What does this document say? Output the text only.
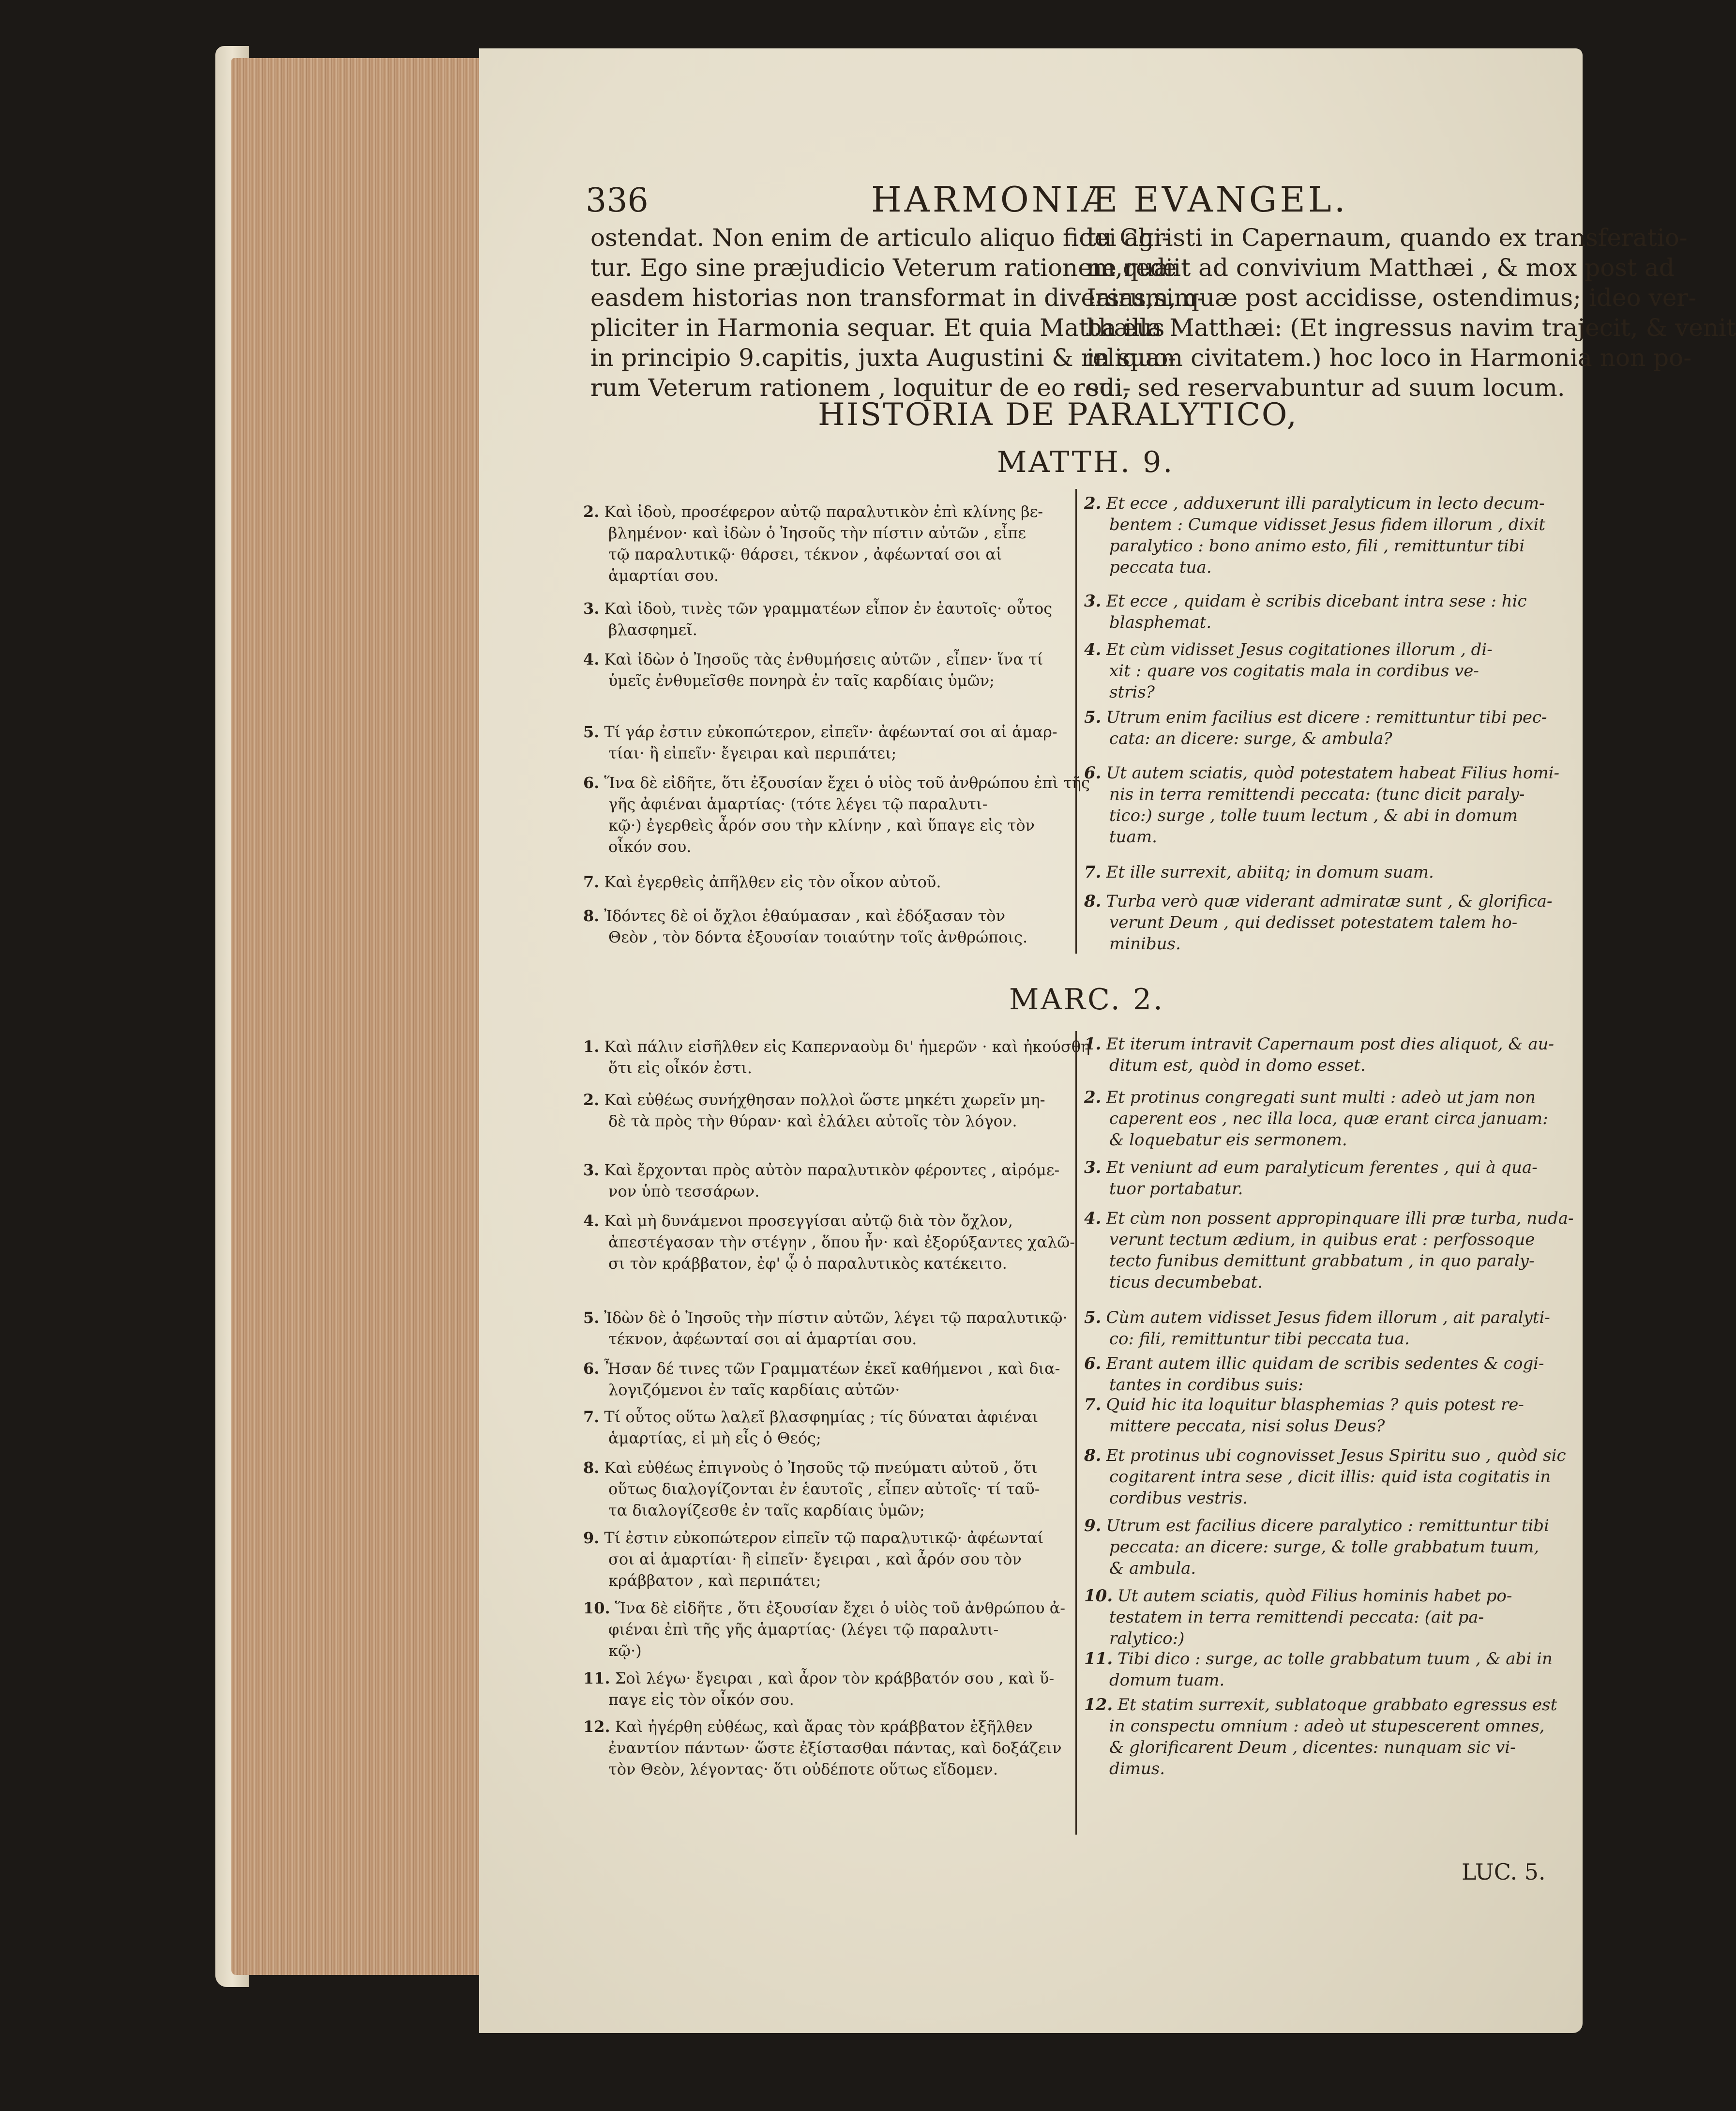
336	HARMONIÆ EVANGEL.
ostendat. Non enim de articulo aliquo fidei agi-
tur. Ego sine præjudicio Veterum rationem,quæ
easdem historias non transformat in diversas,sim-
pliciter in Harmonia sequar. Et quia Matthæus
in principio 9.capitis, juxta Augustini & reliquo-
rum Veterum rationem , loquitur de eo redi-
tu Christi in Capernaum, quando ex transferatio-
ne rediit ad convivium Matthæi , & mox post ad
Iairum, quæ post accidisse, ostendimus; ideo ver-
ba illa Matthæi: (Et ingressus navim trajecit, & venit
in suam civitatem.) hoc loco in Harmonia non po-
sui, sed reservabuntur ad suum locum.
HISTORIA DE PARALYTICO,
MATTH. 9.
2. Καὶ ἰδοὺ, προσέφερον αὐτῷ παραλυτικὸν ἐπὶ κλίνης βε-
βλημένον· καὶ ἰδὼν ὁ Ἰησοῦς τὴν πίστιν αὐτῶν , εἶπε
τῷ παραλυτικῷ· θάρσει, τέκνον , ἀφέωνταί σοι αἱ
ἁμαρτίαι σου.
3. Καὶ ἰδοὺ, τινὲς τῶν γραμματέων εἶπον ἐν ἑαυτοῖς· οὗτος
βλασφημεῖ.
4. Καὶ ἰδὼν ὁ Ἰησοῦς τὰς ἐνθυμήσεις αὐτῶν , εἶπεν· ἵνα τί
ὑμεῖς ἐνθυμεῖσθε πονηρὰ ἐν ταῖς καρδίαις ὑμῶν;
5. Τί γάρ ἐστιν εὐκοπώτερον, εἰπεῖν· ἀφέωνταί σοι αἱ ἁμαρ-
τίαι· ἢ εἰπεῖν· ἔγειραι καὶ περιπάτει;
6. Ἵνα δὲ εἰδῆτε, ὅτι ἐξουσίαν ἔχει ὁ υἱὸς τοῦ ἀνθρώπου ἐπὶ τῆς
γῆς ἀφιέναι ἁμαρτίας· (τότε λέγει τῷ παραλυτι-
κῷ·) ἐγερθεὶς ἆρόν σου τὴν κλίνην , καὶ ὕπαγε εἰς τὸν
οἶκόν σου.
7. Καὶ ἐγερθεὶς ἀπῆλθεν εἰς τὸν οἶκον αὐτοῦ.
8. Ἰδόντες δὲ οἱ ὄχλοι ἐθαύμασαν , καὶ ἐδόξασαν τὸν
Θεὸν , τὸν δόντα ἐξουσίαν τοιαύτην τοῖς ἀνθρώποις.
2. Et ecce , adduxerunt illi paralyticum in lecto decum-
bentem : Cumque vidisset Jesus fidem illorum , dixit
paralytico : bono animo esto, fili , remittuntur tibi
peccata tua.
3. Et ecce , quidam è scribis dicebant intra sese : hic
blasphemat.
4. Et cùm vidisset Jesus cogitationes illorum , di-
xit : quare vos cogitatis mala in cordibus ve-
stris?
5. Utrum enim facilius est dicere : remittuntur tibi pec-
cata: an dicere: surge, & ambula?
6. Ut autem sciatis, quòd potestatem habeat Filius homi-
nis in terra remittendi peccata: (tunc dicit paraly-
tico:) surge , tolle tuum lectum , & abi in domum
tuam.
7. Et ille surrexit, abiitq; in domum suam.
8. Turba verò quæ viderant admiratæ sunt , & glorifica-
verunt Deum , qui dedisset potestatem talem ho-
minibus.
MARC. 2.
1. Καὶ πάλιν εἰσῆλθεν εἰς Καπερναοὺμ δι' ἡμερῶν · καὶ ἠκούσθη
ὅτι εἰς οἶκόν ἐστι.
2. Καὶ εὐθέως συνήχθησαν πολλοὶ ὥστε μηκέτι χωρεῖν μη-
δὲ τὰ πρὸς τὴν θύραν· καὶ ἐλάλει αὐτοῖς τὸν λόγον.
3. Καὶ ἔρχονται πρὸς αὐτὸν παραλυτικὸν φέροντες , αἰρόμε-
νον ὑπὸ τεσσάρων.
4. Καὶ μὴ δυνάμενοι προσεγγίσαι αὐτῷ διὰ τὸν ὄχλον,
ἀπεστέγασαν τὴν στέγην , ὅπου ἦν· καὶ ἐξορύξαντες χαλῶ-
σι τὸν κράββατον, ἐφ' ᾧ ὁ παραλυτικὸς κατέκειτο.
5. Ἰδὼν δὲ ὁ Ἰησοῦς τὴν πίστιν αὐτῶν, λέγει τῷ παραλυτικῷ·
τέκνον, ἀφέωνταί σοι αἱ ἁμαρτίαι σου.
6. Ἦσαν δέ τινες τῶν Γραμματέων ἐκεῖ καθήμενοι , καὶ δια-
λογιζόμενοι ἐν ταῖς καρδίαις αὐτῶν·
7. Τί οὗτος οὕτω λαλεῖ βλασφημίας ; τίς δύναται ἀφιέναι
ἁμαρτίας, εἰ μὴ εἷς ὁ Θεός;
8. Καὶ εὐθέως ἐπιγνοὺς ὁ Ἰησοῦς τῷ πνεύματι αὐτοῦ , ὅτι
οὕτως διαλογίζονται ἐν ἑαυτοῖς , εἶπεν αὐτοῖς· τί ταῦ-
τα διαλογίζεσθε ἐν ταῖς καρδίαις ὑμῶν;
9. Τί ἐστιν εὐκοπώτερον εἰπεῖν τῷ παραλυτικῷ· ἀφέωνταί
σοι αἱ ἁμαρτίαι· ἢ εἰπεῖν· ἔγειραι , καὶ ἆρόν σου τὸν
κράββατον , καὶ περιπάτει;
10. Ἵνα δὲ εἰδῆτε , ὅτι ἐξουσίαν ἔχει ὁ υἱὸς τοῦ ἀνθρώπου ἀ-
φιέναι ἐπὶ τῆς γῆς ἁμαρτίας· (λέγει τῷ παραλυτι-
κῷ·)
11. Σοὶ λέγω· ἔγειραι , καὶ ἆρον τὸν κράββατόν σου , καὶ ὕ-
παγε εἰς τὸν οἶκόν σου.
12. Καὶ ἠγέρθη εὐθέως, καὶ ἄρας τὸν κράββατον ἐξῆλθεν
ἐναντίον πάντων· ὥστε ἐξίστασθαι πάντας, καὶ δοξάζειν
τὸν Θεὸν, λέγοντας· ὅτι οὐδέποτε οὕτως εἴδομεν.
1. Et iterum intravit Capernaum post dies aliquot, & au-
ditum est, quòd in domo esset.
2. Et protinus congregati sunt multi : adeò ut jam non
caperent eos , nec illa loca, quæ erant circa januam:
& loquebatur eis sermonem.
3. Et veniunt ad eum paralyticum ferentes , qui à qua-
tuor portabatur.
4. Et cùm non possent appropinquare illi præ turba, nuda-
verunt tectum ædium, in quibus erat : perfossoque
tecto funibus demittunt grabbatum , in quo paraly-
ticus decumbebat.
5. Cùm autem vidisset Jesus fidem illorum , ait paralyti-
co: fili, remittuntur tibi peccata tua.
6. Erant autem illic quidam de scribis sedentes & cogi-
tantes in cordibus suis:
7. Quid hic ita loquitur blasphemias ? quis potest re-
mittere peccata, nisi solus Deus?
8. Et protinus ubi cognovisset Jesus Spiritu suo , quòd sic
cogitarent intra sese , dicit illis: quid ista cogitatis in
cordibus vestris.
9. Utrum est facilius dicere paralytico : remittuntur tibi
peccata: an dicere: surge, & tolle grabbatum tuum,
& ambula.
10. Ut autem sciatis, quòd Filius hominis habet po-
testatem in terra remittendi peccata: (ait pa-
ralytico:)
11. Tibi dico : surge, ac tolle grabbatum tuum , & abi in
domum tuam.
12. Et statim surrexit, sublatoque grabbato egressus est
in conspectu omnium : adeò ut stupescerent omnes,
& glorificarent Deum , dicentes: nunquam sic vi-
dimus.
LUC. 5.
